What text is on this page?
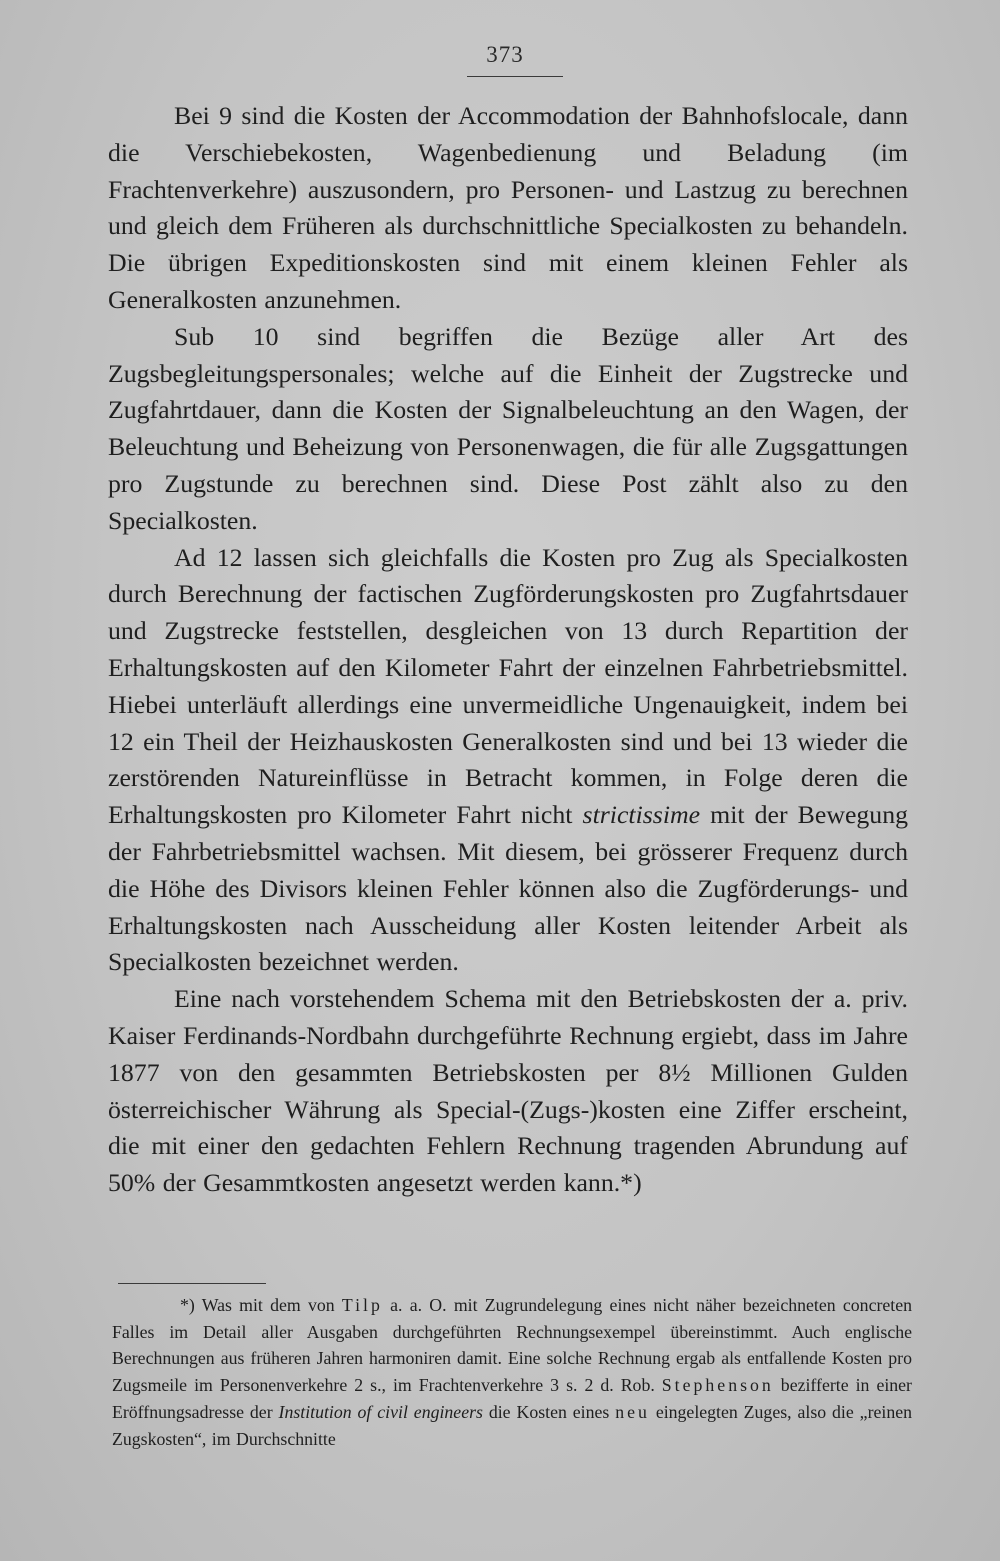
373

Bei 9 sind die Kosten der Accommodation der Bahnhofslocale, dann die Verschiebekosten, Wagenbedienung und Beladung (im Frachtenverkehre) auszusondern, pro Personen- und Lastzug zu berechnen und gleich dem Früheren als durchschnittliche Specialkosten zu behandeln. Die übrigen Expeditionskosten sind mit einem kleinen Fehler als Generalkosten anzunehmen.

Sub 10 sind begriffen die Bezüge aller Art des Zugsbegleitungspersonales; welche auf die Einheit der Zugstrecke und Zugfahrtdauer, dann die Kosten der Signalbeleuchtung an den Wagen, der Beleuchtung und Beheizung von Personenwagen, die für alle Zugsgattungen pro Zugstunde zu berechnen sind. Diese Post zählt also zu den Specialkosten.

Ad 12 lassen sich gleichfalls die Kosten pro Zug als Specialkosten durch Berechnung der factischen Zugförderungskosten pro Zugfahrtsdauer und Zugstrecke feststellen, desgleichen von 13 durch Repartition der Erhaltungskosten auf den Kilometer Fahrt der einzelnen Fahrbetriebsmittel. Hiebei unterläuft allerdings eine unvermeidliche Ungenauigkeit, indem bei 12 ein Theil der Heizhauskosten Generalkosten sind und bei 13 wieder die zerstörenden Natureinflüsse in Betracht kommen, in Folge deren die Erhaltungskosten pro Kilometer Fahrt nicht strictissime mit der Bewegung der Fahrbetriebsmittel wachsen. Mit diesem, bei grösserer Frequenz durch die Höhe des Divisors kleinen Fehler können also die Zugförderungs- und Erhaltungskosten nach Ausscheidung aller Kosten leitender Arbeit als Specialkosten bezeichnet werden.

Eine nach vorstehendem Schema mit den Betriebskosten der a. priv. Kaiser Ferdinands-Nordbahn durchgeführte Rechnung ergiebt, dass im Jahre 1877 von den gesammten Betriebskosten per 8½ Millionen Gulden österreichischer Währung als Special-(Zugs-)kosten eine Ziffer erscheint, die mit einer den gedachten Fehlern Rechnung tragenden Abrundung auf 50% der Gesammtkosten angesetzt werden kann.*)

*) Was mit dem von Tilp a. a. O. mit Zugrundelegung eines nicht näher bezeichneten concreten Falles im Detail aller Ausgaben durchgeführten Rechnungsexempel übereinstimmt. Auch englische Berechnungen aus früheren Jahren harmoniren damit. Eine solche Rechnung ergab als entfallende Kosten pro Zugsmeile im Personenverkehre 2 s., im Frachtenverkehre 3 s. 2 d. Rob. Stephenson bezifferte in einer Eröffnungsadresse der Institution of civil engineers die Kosten eines neu eingelegten Zuges, also die „reinen Zugskosten“, im Durchschnitte
